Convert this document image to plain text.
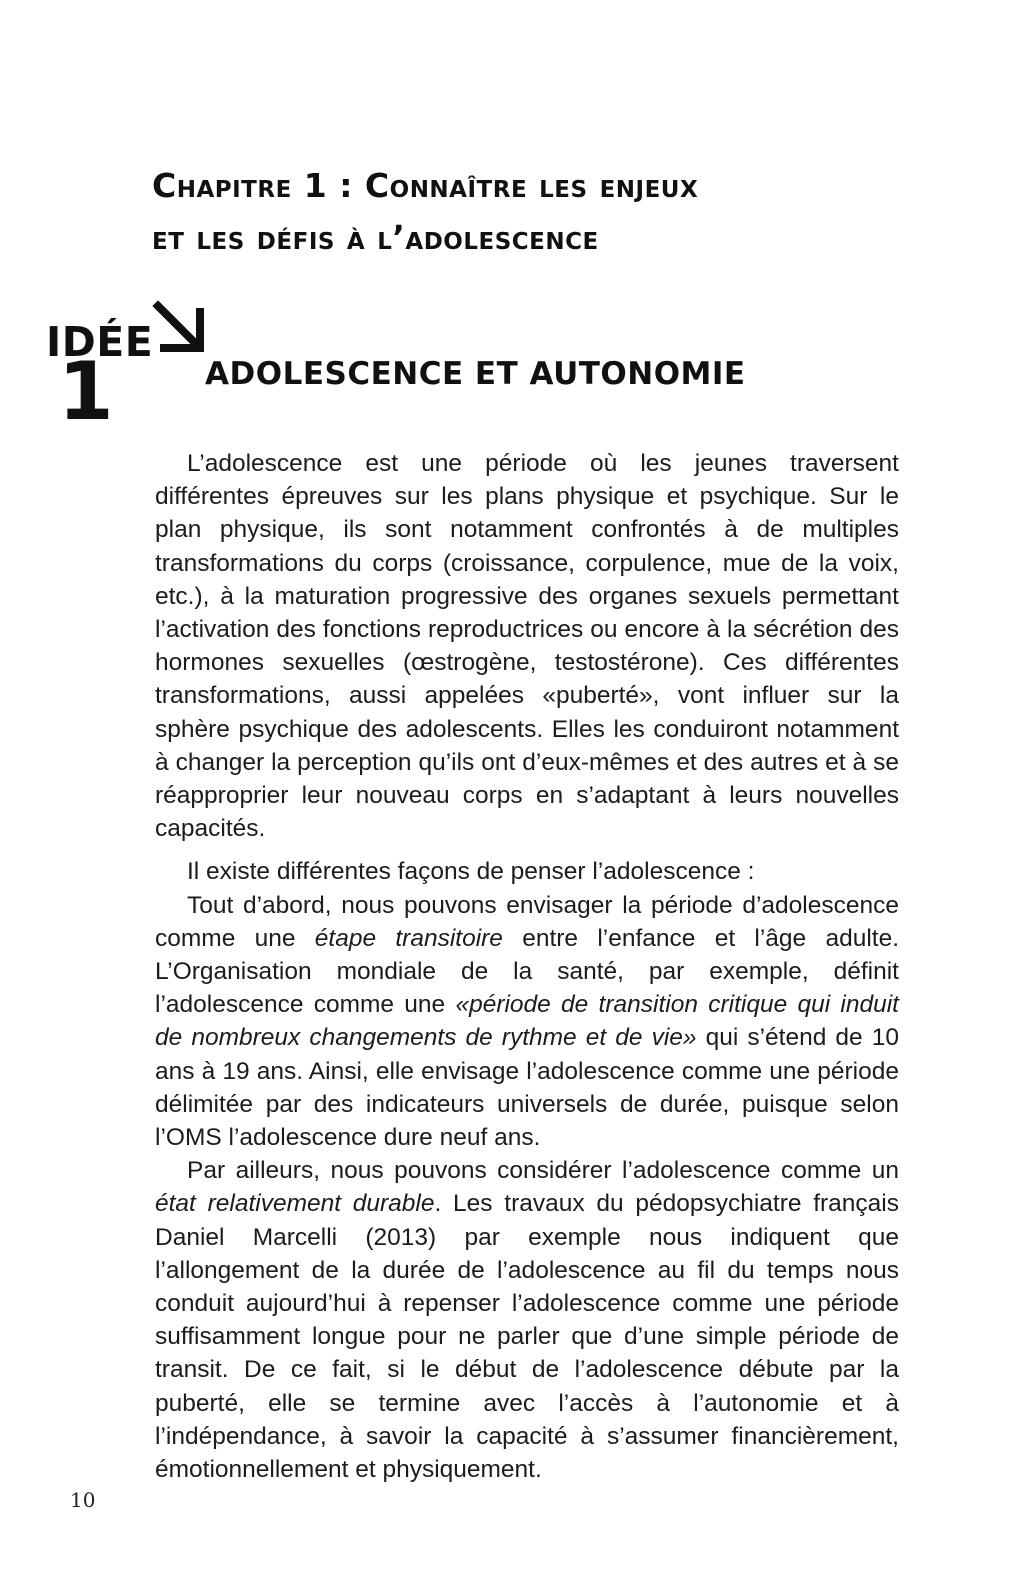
Chapitre 1 : Connaître les enjeux
et les défis à l’adolescence
IDÉE
1	ADOLESCENCE ET AUTONOMIE

L’adolescence est une période où les jeunes traversent différentes épreuves sur les plans physique et psychique. Sur le plan physique, ils sont notamment confrontés à de multiples transformations du corps (croissance, corpulence, mue de la voix, etc.), à la maturation progressive des organes sexuels permettant l’activation des fonctions reproductrices ou encore à la sécrétion des hormones sexuelles (œstrogène, testostérone). Ces différentes transformations, aussi appelées «puberté», vont influer sur la sphère psychique des adolescents. Elles les conduiront notamment à changer la perception qu’ils ont d’eux-mêmes et des autres et à se réapproprier leur nouveau corps en s’adaptant à leurs nouvelles capacités.

Il existe différentes façons de penser l’adolescence :

Tout d’abord, nous pouvons envisager la période d’adolescence comme une étape transitoire entre l’enfance et l’âge adulte. L’Organisation mondiale de la santé, par exemple, définit l’adolescence comme une «période de transition critique qui induit de nombreux changements de rythme et de vie» qui s’étend de 10 ans à 19 ans. Ainsi, elle envisage l’adolescence comme une période délimitée par des indicateurs universels de durée, puisque selon l’OMS l’adolescence dure neuf ans.

Par ailleurs, nous pouvons considérer l’adolescence comme un état relativement durable. Les travaux du pédopsychiatre français Daniel Marcelli (2013) par exemple nous indiquent que l’allongement de la durée de l’adolescence au fil du temps nous conduit aujourd’hui à repenser l’adolescence comme une période suffisamment longue pour ne parler que d’une simple période de transit. De ce fait, si le début de l’adolescence débute par la puberté, elle se termine avec l’accès à l’autonomie et à l’indépendance, à savoir la capacité à s’assumer financièrement, émotionnellement et physiquement.

10
